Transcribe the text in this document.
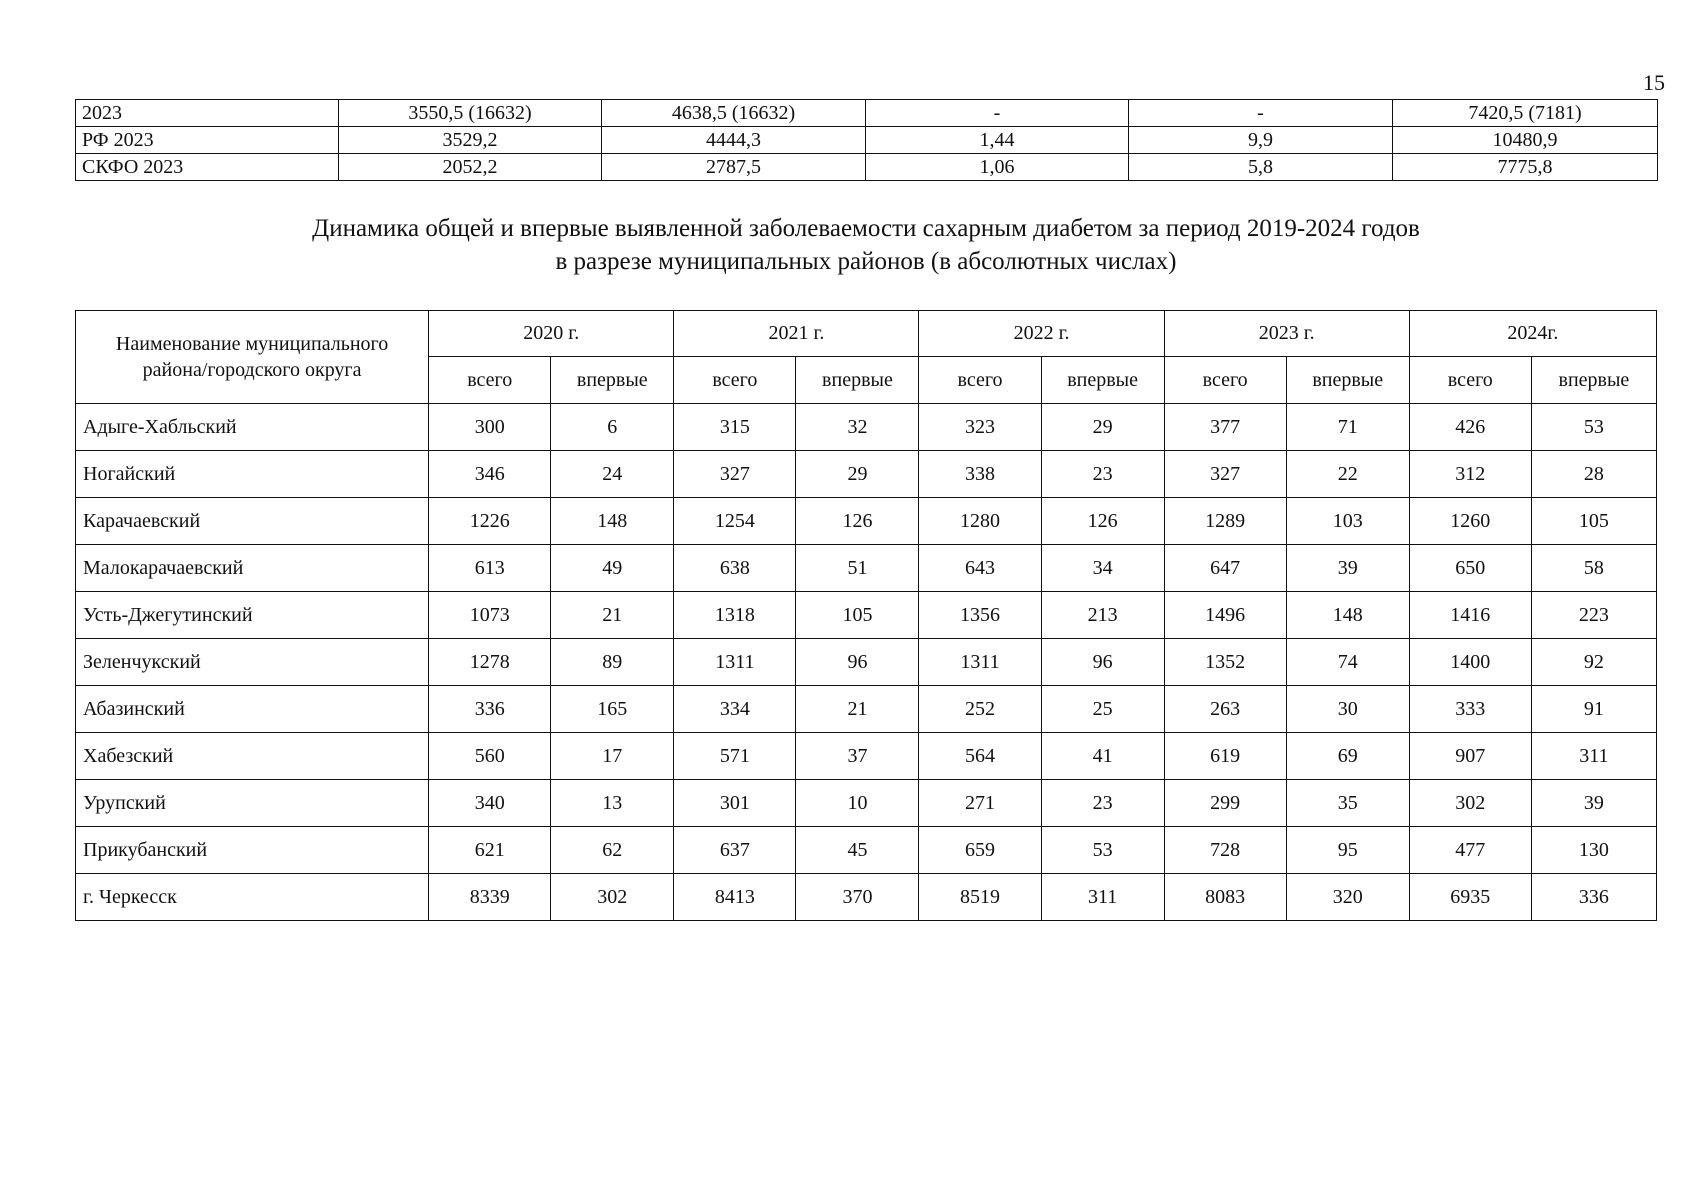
15
2023	3550,5 (16632)	4638,5 (16632)	-	-	7420,5 (7181)
РФ 2023	3529,2	4444,3	1,44	9,9	10480,9
СКФО 2023	2052,2	2787,5	1,06	5,8	7775,8
Динамика общей и впервые выявленной заболеваемости сахарным диабетом за период 2019-2024 годов
в разрезе муниципальных районов (в абсолютных числах)
Наименование муниципального района/городского округа	2020 г.		2021 г.		2022 г.		2023 г.		2024г.	
	всего	впервые	всего	впервые	всего	впервые	всего	впервые	всего	впервые
Адыге-Хабльский	300	6	315	32	323	29	377	71	426	53
Ногайский	346	24	327	29	338	23	327	22	312	28
Карачаевский	1226	148	1254	126	1280	126	1289	103	1260	105
Малокарачаевский	613	49	638	51	643	34	647	39	650	58
Усть-Джегутинский	1073	21	1318	105	1356	213	1496	148	1416	223
Зеленчукский	1278	89	1311	96	1311	96	1352	74	1400	92
Абазинский	336	165	334	21	252	25	263	30	333	91
Хабезский	560	17	571	37	564	41	619	69	907	311
Урупский	340	13	301	10	271	23	299	35	302	39
Прикубанский	621	62	637	45	659	53	728	95	477	130
г. Черкесск	8339	302	8413	370	8519	311	8083	320	6935	336
